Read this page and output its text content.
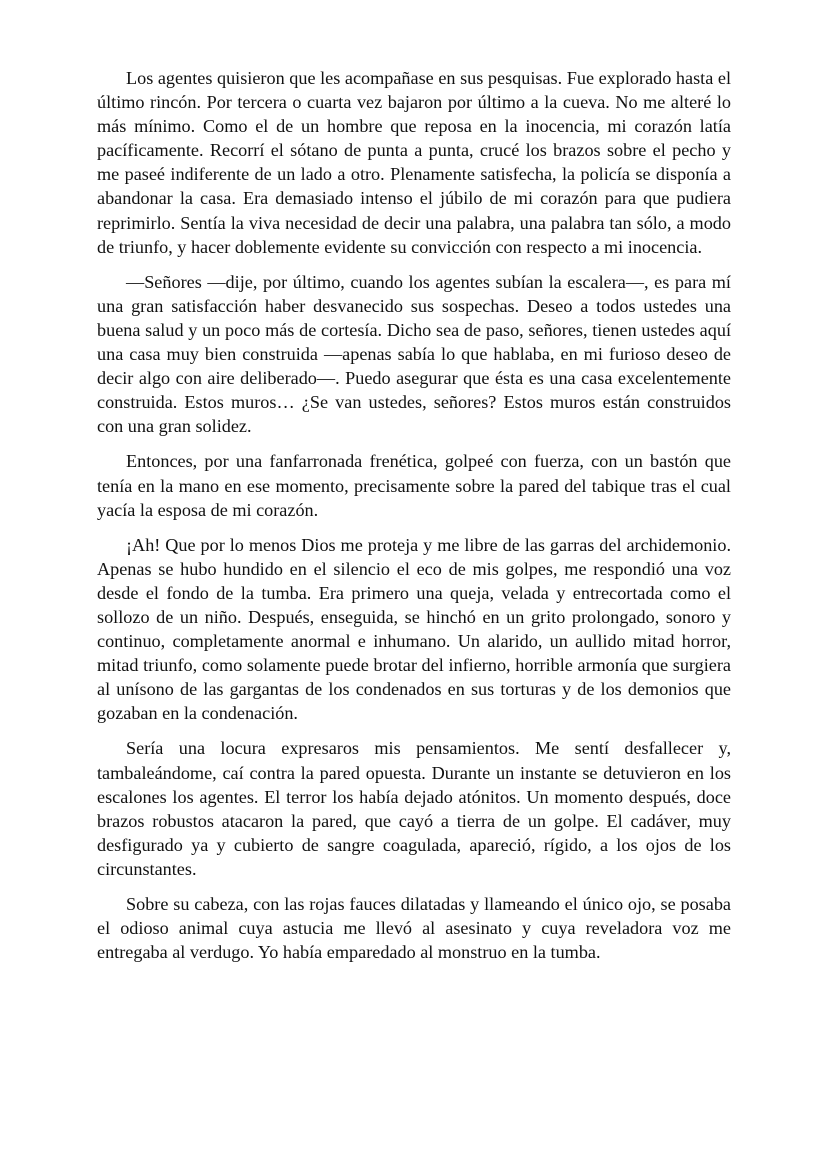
Los agentes quisieron que les acompañase en sus pesquisas. Fue explorado hasta el último rincón. Por tercera o cuarta vez bajaron por último a la cueva. No me alteré lo más mínimo. Como el de un hombre que reposa en la inocencia, mi corazón latía pacíficamente. Recorrí el sótano de punta a punta, crucé los brazos sobre el pecho y me paseé indiferente de un lado a otro. Plenamente satisfecha, la policía se disponía a abandonar la casa. Era demasiado intenso el júbilo de mi corazón para que pudiera reprimirlo. Sentía la viva necesidad de decir una palabra, una palabra tan sólo, a modo de triunfo, y hacer doblemente evidente su convicción con respecto a mi inocencia.

—Señores —dije, por último, cuando los agentes subían la escalera—, es para mí una gran satisfacción haber desvanecido sus sospechas. Deseo a todos ustedes una buena salud y un poco más de cortesía. Dicho sea de paso, señores, tienen ustedes aquí una casa muy bien construida —apenas sabía lo que hablaba, en mi furioso deseo de decir algo con aire deliberado—. Puedo asegurar que ésta es una casa excelentemente construida. Estos muros… ¿Se van ustedes, señores? Estos muros están construidos con una gran solidez.

Entonces, por una fanfarronada frenética, golpeé con fuerza, con un bastón que tenía en la mano en ese momento, precisamente sobre la pared del tabique tras el cual yacía la esposa de mi corazón.

¡Ah! Que por lo menos Dios me proteja y me libre de las garras del archidemonio. Apenas se hubo hundido en el silencio el eco de mis golpes, me respondió una voz desde el fondo de la tumba. Era primero una queja, velada y entrecortada como el sollozo de un niño. Después, enseguida, se hinchó en un grito prolongado, sonoro y continuo, completamente anormal e inhumano. Un alarido, un aullido mitad horror, mitad triunfo, como solamente puede brotar del infierno, horrible armonía que surgiera al unísono de las gargantas de los condenados en sus torturas y de los demonios que gozaban en la condenación.

Sería una locura expresaros mis pensamientos. Me sentí desfallecer y, tambaleándome, caí contra la pared opuesta. Durante un instante se detuvieron en los escalones los agentes. El terror los había dejado atónitos. Un momento después, doce brazos robustos atacaron la pared, que cayó a tierra de un golpe. El cadáver, muy desfigurado ya y cubierto de sangre coagulada, apareció, rígido, a los ojos de los circunstantes.

Sobre su cabeza, con las rojas fauces dilatadas y llameando el único ojo, se posaba el odioso animal cuya astucia me llevó al asesinato y cuya reveladora voz me entregaba al verdugo. Yo había emparedado al monstruo en la tumba.
